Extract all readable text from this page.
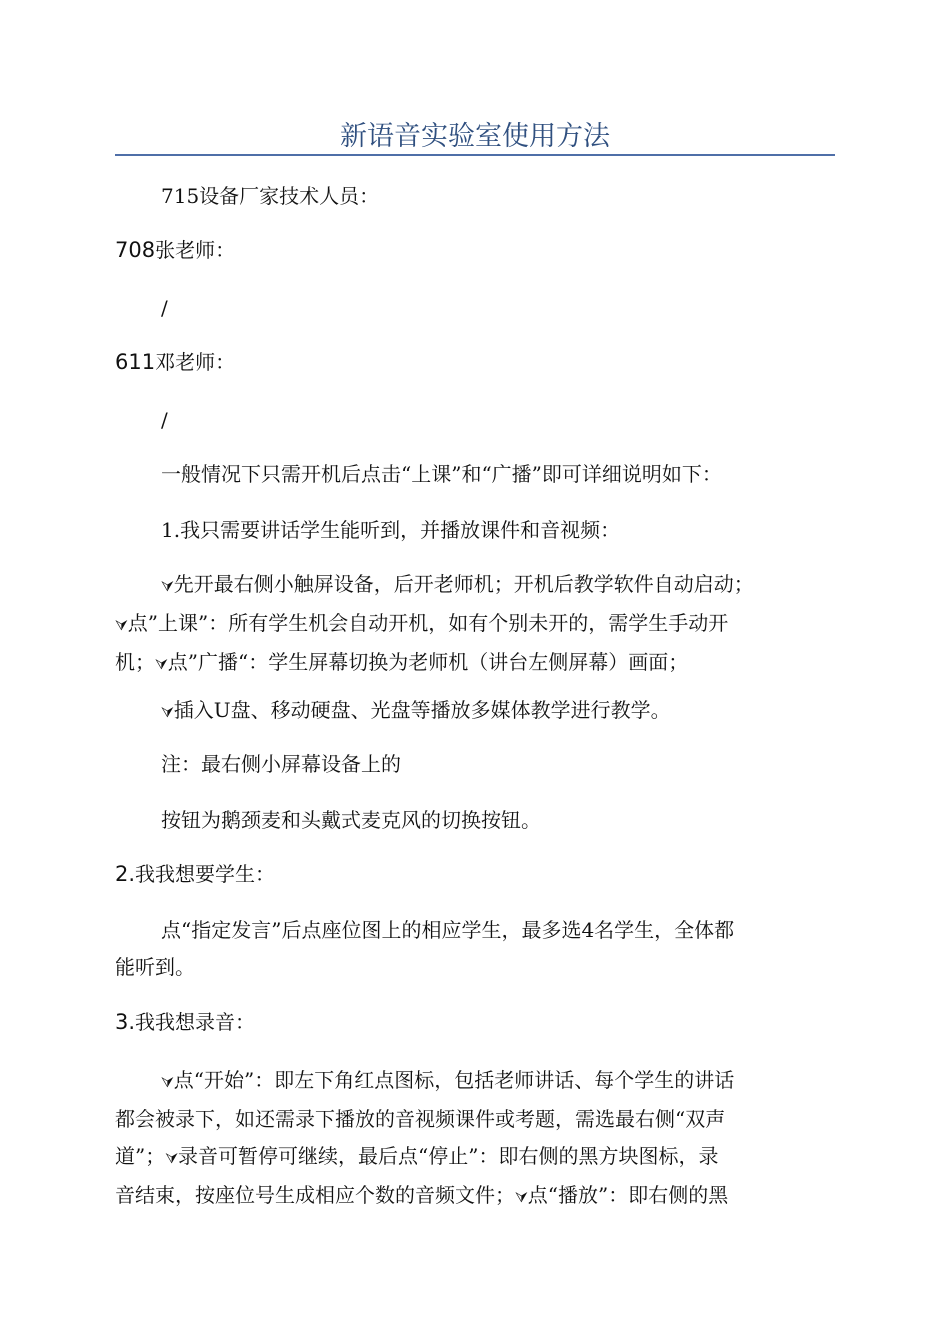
新语音实验室使用方法
715设备厂家技术人员：
708张老师：
/
611邓老师：
/
一般情况下只需开机后点击“上课”和“广播”即可详细说明如下：
1.我只需要讲话学生能听到，并播放课件和音视频：
⮛先开最右侧小触屏设备，后开老师机；开机后教学软件自动启动；
⮛点”上课”：所有学生机会自动开机，如有个别未开的，需学生手动开
机；⮛点”广播“：学生屏幕切换为老师机（讲台左侧屏幕）画面；
⮛插入U盘、移动硬盘、光盘等播放多媒体教学进行教学。
注：最右侧小屏幕设备上的
按钮为鹅颈麦和头戴式麦克风的切换按钮。
2.我我想要学生：
点“指定发言”后点座位图上的相应学生，最多选4名学生，全体都
能听到。
3.我我想录音：
⮛点“开始”：即左下角红点图标，包括老师讲话、每个学生的讲话
都会被录下，如还需录下播放的音视频课件或考题，需选最右侧“双声
道”；⮛录音可暂停可继续，最后点“停止”：即右侧的黑方块图标，录
音结束，按座位号生成相应个数的音频文件；⮛点“播放”：即右侧的黑
